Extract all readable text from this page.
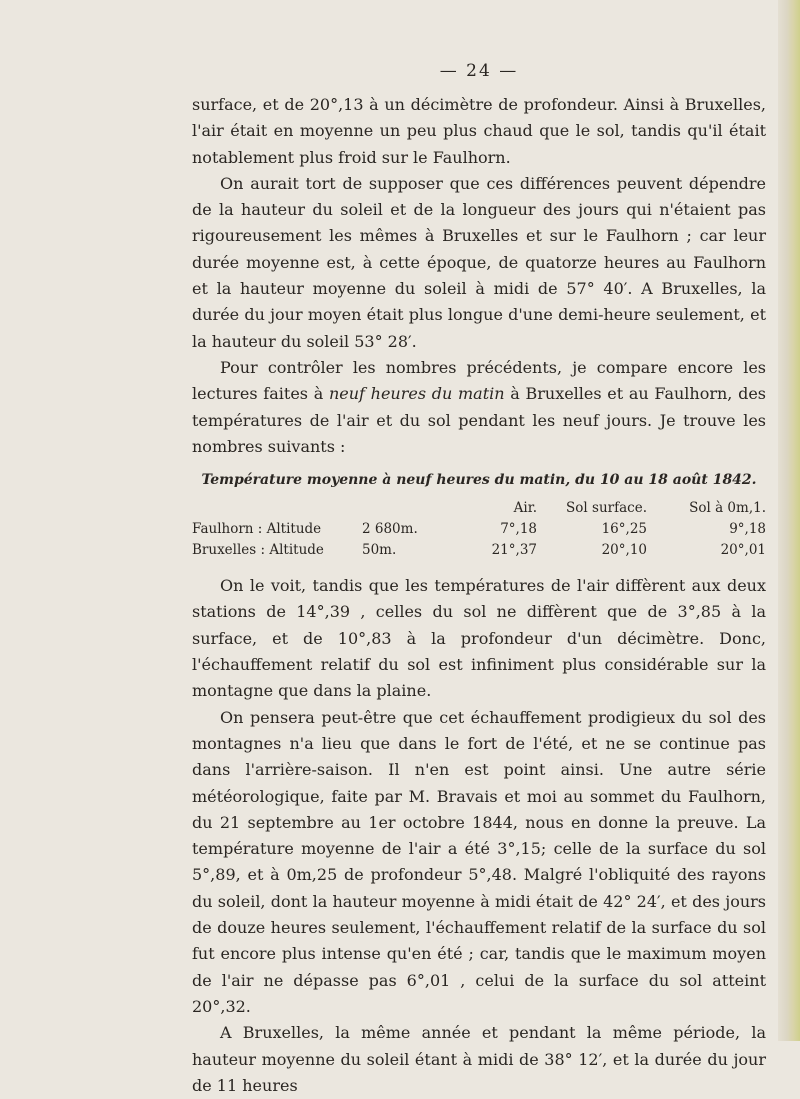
— 24 —

surface, et de 20°,13 à un décimètre de profondeur. Ainsi à Bruxelles, l'air était en moyenne un peu plus chaud que le sol, tandis qu'il était notablement plus froid sur le Faulhorn.

On aurait tort de supposer que ces différences peuvent dépendre de la hauteur du soleil et de la longueur des jours qui n'étaient pas rigoureusement les mêmes à Bruxelles et sur le Faulhorn ; car leur durée moyenne est, à cette époque, de quatorze heures au Faulhorn et la hauteur moyenne du soleil à midi de 57° 40′. A Bruxelles, la durée du jour moyen était plus longue d'une demi-heure seulement, et la hauteur du soleil 53° 28′.

Pour contrôler les nombres précédents, je compare encore les lectures faites à neuf heures du matin à Bruxelles et au Faulhorn, des températures de l'air et du sol pendant les neuf jours. Je trouve les nombres suivants :

Température moyenne à neuf heures du matin, du 10 au 18 août 1842.
		Air.	Sol surface.	Sol à 0m,1.
Faulhorn : Altitude	2 680m.	7°,18	16°,25	9°,18
Bruxelles : Altitude	50m.	21°,37	20°,10	20°,01

On le voit, tandis que les températures de l'air diffèrent aux deux stations de 14°,39 , celles du sol ne diffèrent que de 3°,85 à la surface, et de 10°,83 à la profondeur d'un décimètre. Donc, l'échauffement relatif du sol est infiniment plus considérable sur la montagne que dans la plaine.

On pensera peut-être que cet échauffement prodigieux du sol des montagnes n'a lieu que dans le fort de l'été, et ne se continue pas dans l'arrière-saison. Il n'en est point ainsi. Une autre série météorologique, faite par M. Bravais et moi au sommet du Faulhorn, du 21 septembre au 1er octobre 1844, nous en donne la preuve. La température moyenne de l'air a été 3°,15; celle de la surface du sol 5°,89, et à 0m,25 de profondeur 5°,48. Malgré l'obliquité des rayons du soleil, dont la hauteur moyenne à midi était de 42° 24′, et des jours de douze heures seulement, l'échauffement relatif de la surface du sol fut encore plus intense qu'en été ; car, tandis que le maximum moyen de l'air ne dépasse pas 6°,01 , celui de la surface du sol atteint 20°,32.

A Bruxelles, la même année et pendant la même période, la hauteur moyenne du soleil étant à midi de 38° 12′, et la durée du jour de 11 heures
